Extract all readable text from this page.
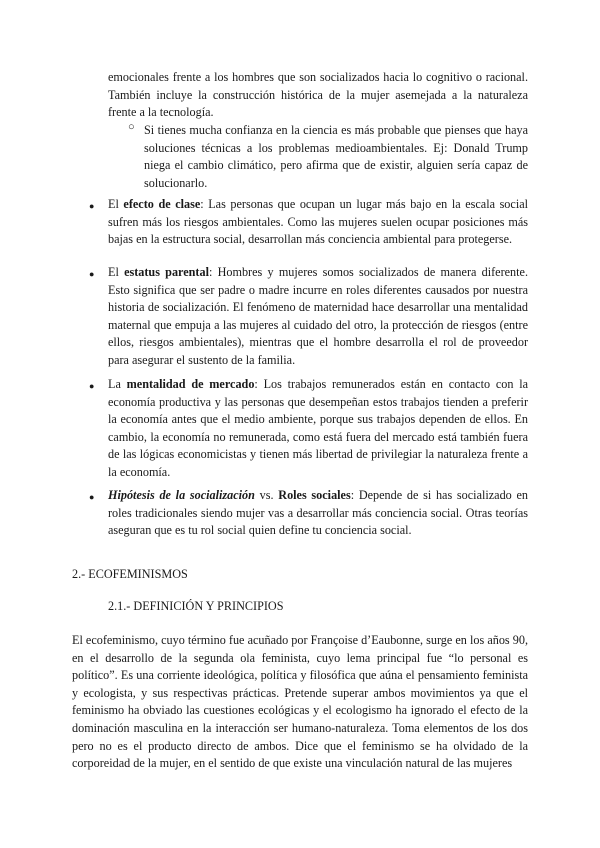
emocionales frente a los hombres que son socializados hacia lo cognitivo o racional. También incluye la construcción histórica de la mujer asemejada a la naturaleza frente a la tecnología.

○ Si tienes mucha confianza en la ciencia es más probable que pienses que haya soluciones técnicas a los problemas medioambientales. Ej: Donald Trump niega el cambio climático, pero afirma que de existir, alguien sería capaz de solucionarlo.

● El efecto de clase: Las personas que ocupan un lugar más bajo en la escala social sufren más los riesgos ambientales. Como las mujeres suelen ocupar posiciones más bajas en la estructura social, desarrollan más conciencia ambiental para protegerse.

● El estatus parental: Hombres y mujeres somos socializados de manera diferente. Esto significa que ser padre o madre incurre en roles diferentes causados por nuestra historia de socialización. El fenómeno de maternidad hace desarrollar una mentalidad maternal que empuja a las mujeres al cuidado del otro, la protección de riesgos (entre ellos, riesgos ambientales), mientras que el hombre desarrolla el rol de proveedor para asegurar el sustento de la familia.

● La mentalidad de mercado: Los trabajos remunerados están en contacto con la economía productiva y las personas que desempeñan estos trabajos tienden a preferir la economía antes que el medio ambiente, porque sus trabajos dependen de ellos. En cambio, la economía no remunerada, como está fuera del mercado está también fuera de las lógicas economicistas y tienen más libertad de privilegiar la naturaleza frente a la economía.

● Hipótesis de la socialización vs. Roles sociales: Depende de si has socializado en roles tradicionales siendo mujer vas a desarrollar más conciencia social. Otras teorías aseguran que es tu rol social quien define tu conciencia social.

2.- ECOFEMINISMOS
2.1.- DEFINICIÓN Y PRINCIPIOS

El ecofeminismo, cuyo término fue acuñado por Françoise d’Eaubonne, surge en los años 90, en el desarrollo de la segunda ola feminista, cuyo lema principal fue “lo personal es político”. Es una corriente ideológica, política y filosófica que aúna el pensamiento feminista y ecologista, y sus respectivas prácticas. Pretende superar ambos movimientos ya que el feminismo ha obviado las cuestiones ecológicas y el ecologismo ha ignorado el efecto de la dominación masculina en la interacción ser humano-naturaleza. Toma elementos de los dos pero no es el producto directo de ambos. Dice que el feminismo se ha olvidado de la corporeidad de la mujer, en el sentido de que existe una vinculación natural de las mujeres
